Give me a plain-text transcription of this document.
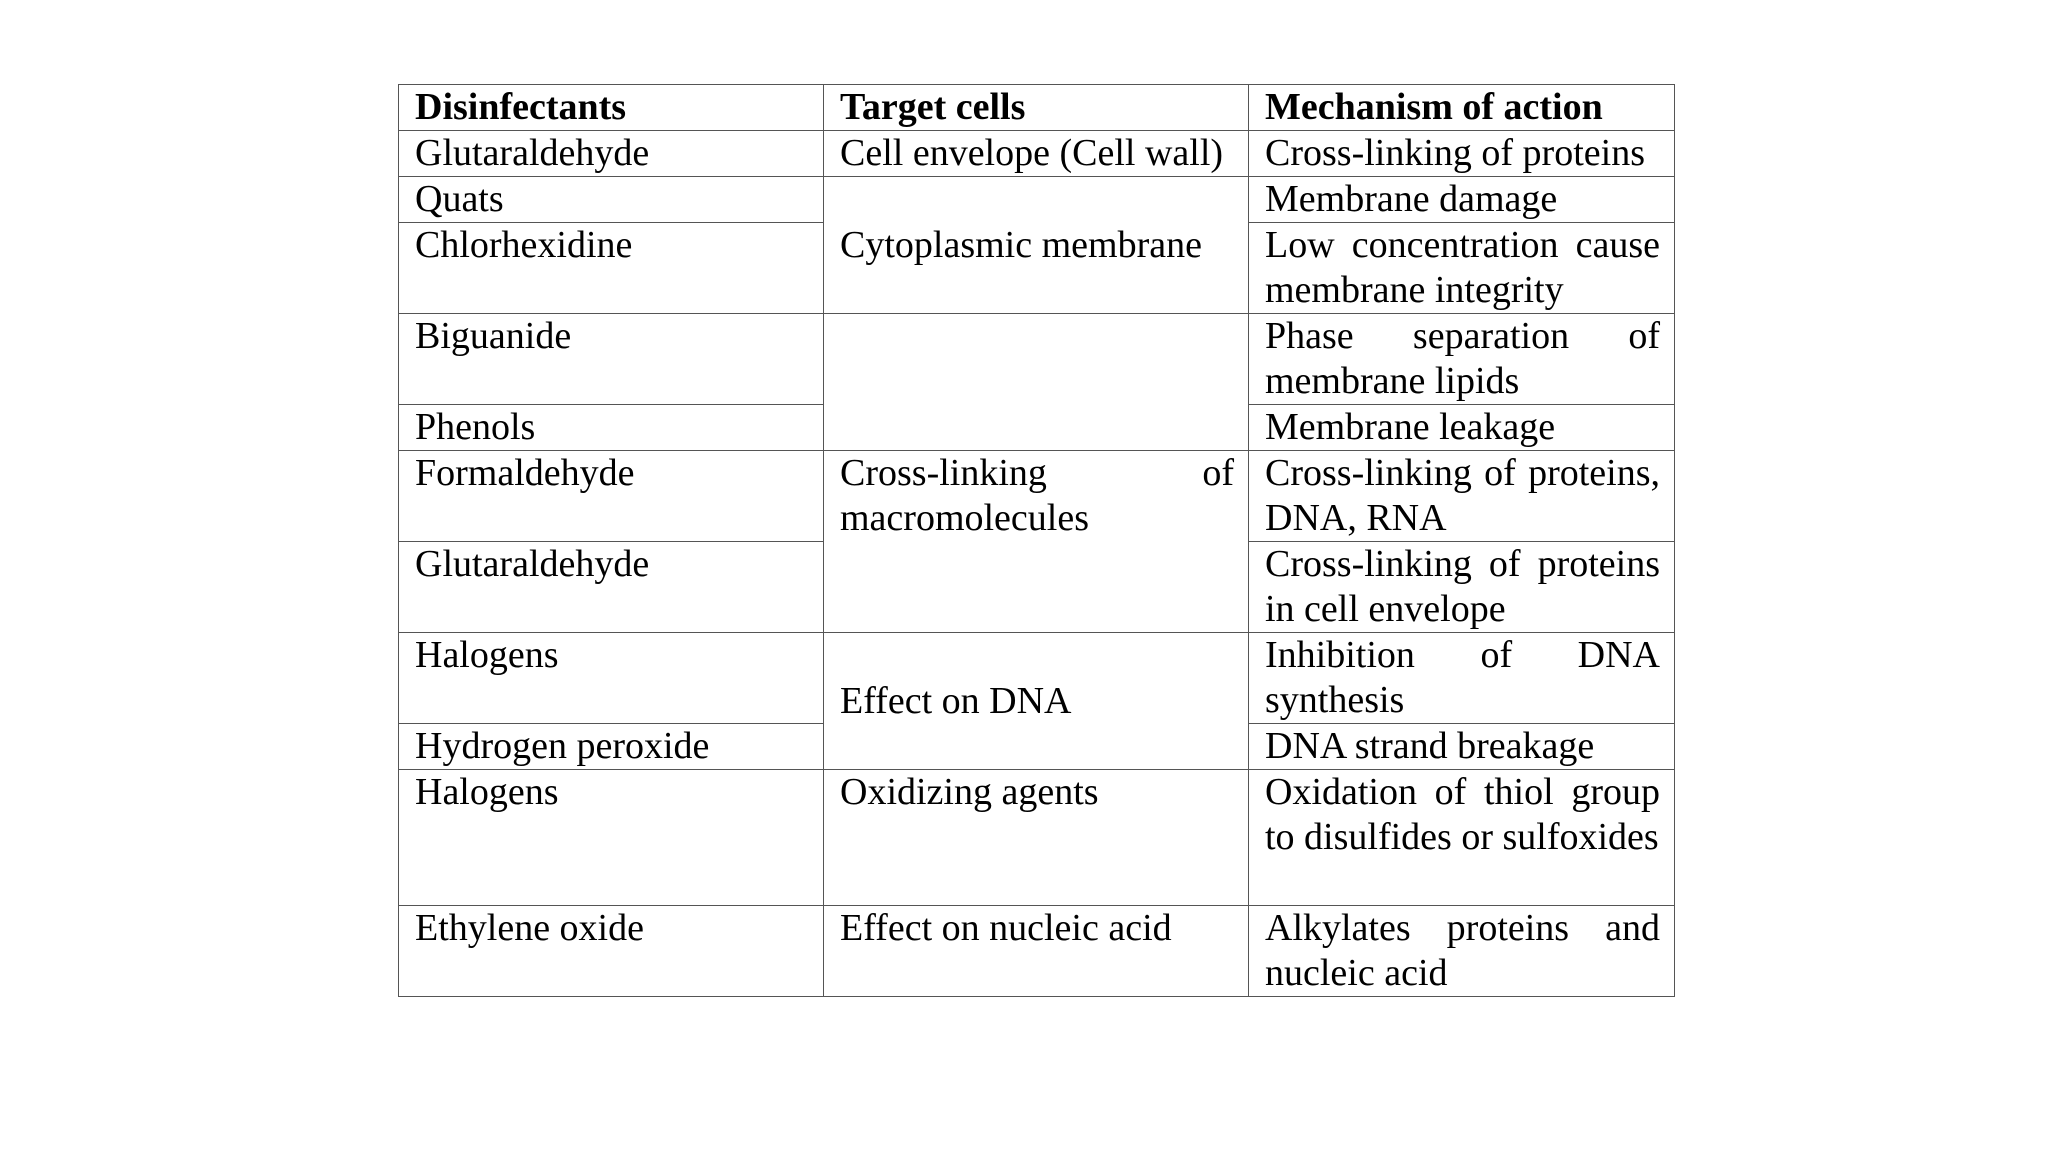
Disinfectants	Target cells	Mechanism of action
Glutaraldehyde	Cell envelope (Cell wall)	Cross-linking of proteins
Quats	Cytoplasmic membrane	Membrane damage
Chlorhexidine		Low concentration cause membrane integrity
Biguanide		Phase separation of membrane lipids
Phenols		Membrane leakage
Formaldehyde	Cross-linking of macromolecules	Cross-linking of proteins, DNA, RNA
Glutaraldehyde		Cross-linking of proteins in cell envelope
Halogens	Effect on DNA	Inhibition of DNA synthesis
Hydrogen peroxide		DNA strand breakage
Halogens	Oxidizing agents	Oxidation of thiol group to disulfides or sulfoxides
Ethylene oxide	Effect on nucleic acid	Alkylates proteins and nucleic acid
